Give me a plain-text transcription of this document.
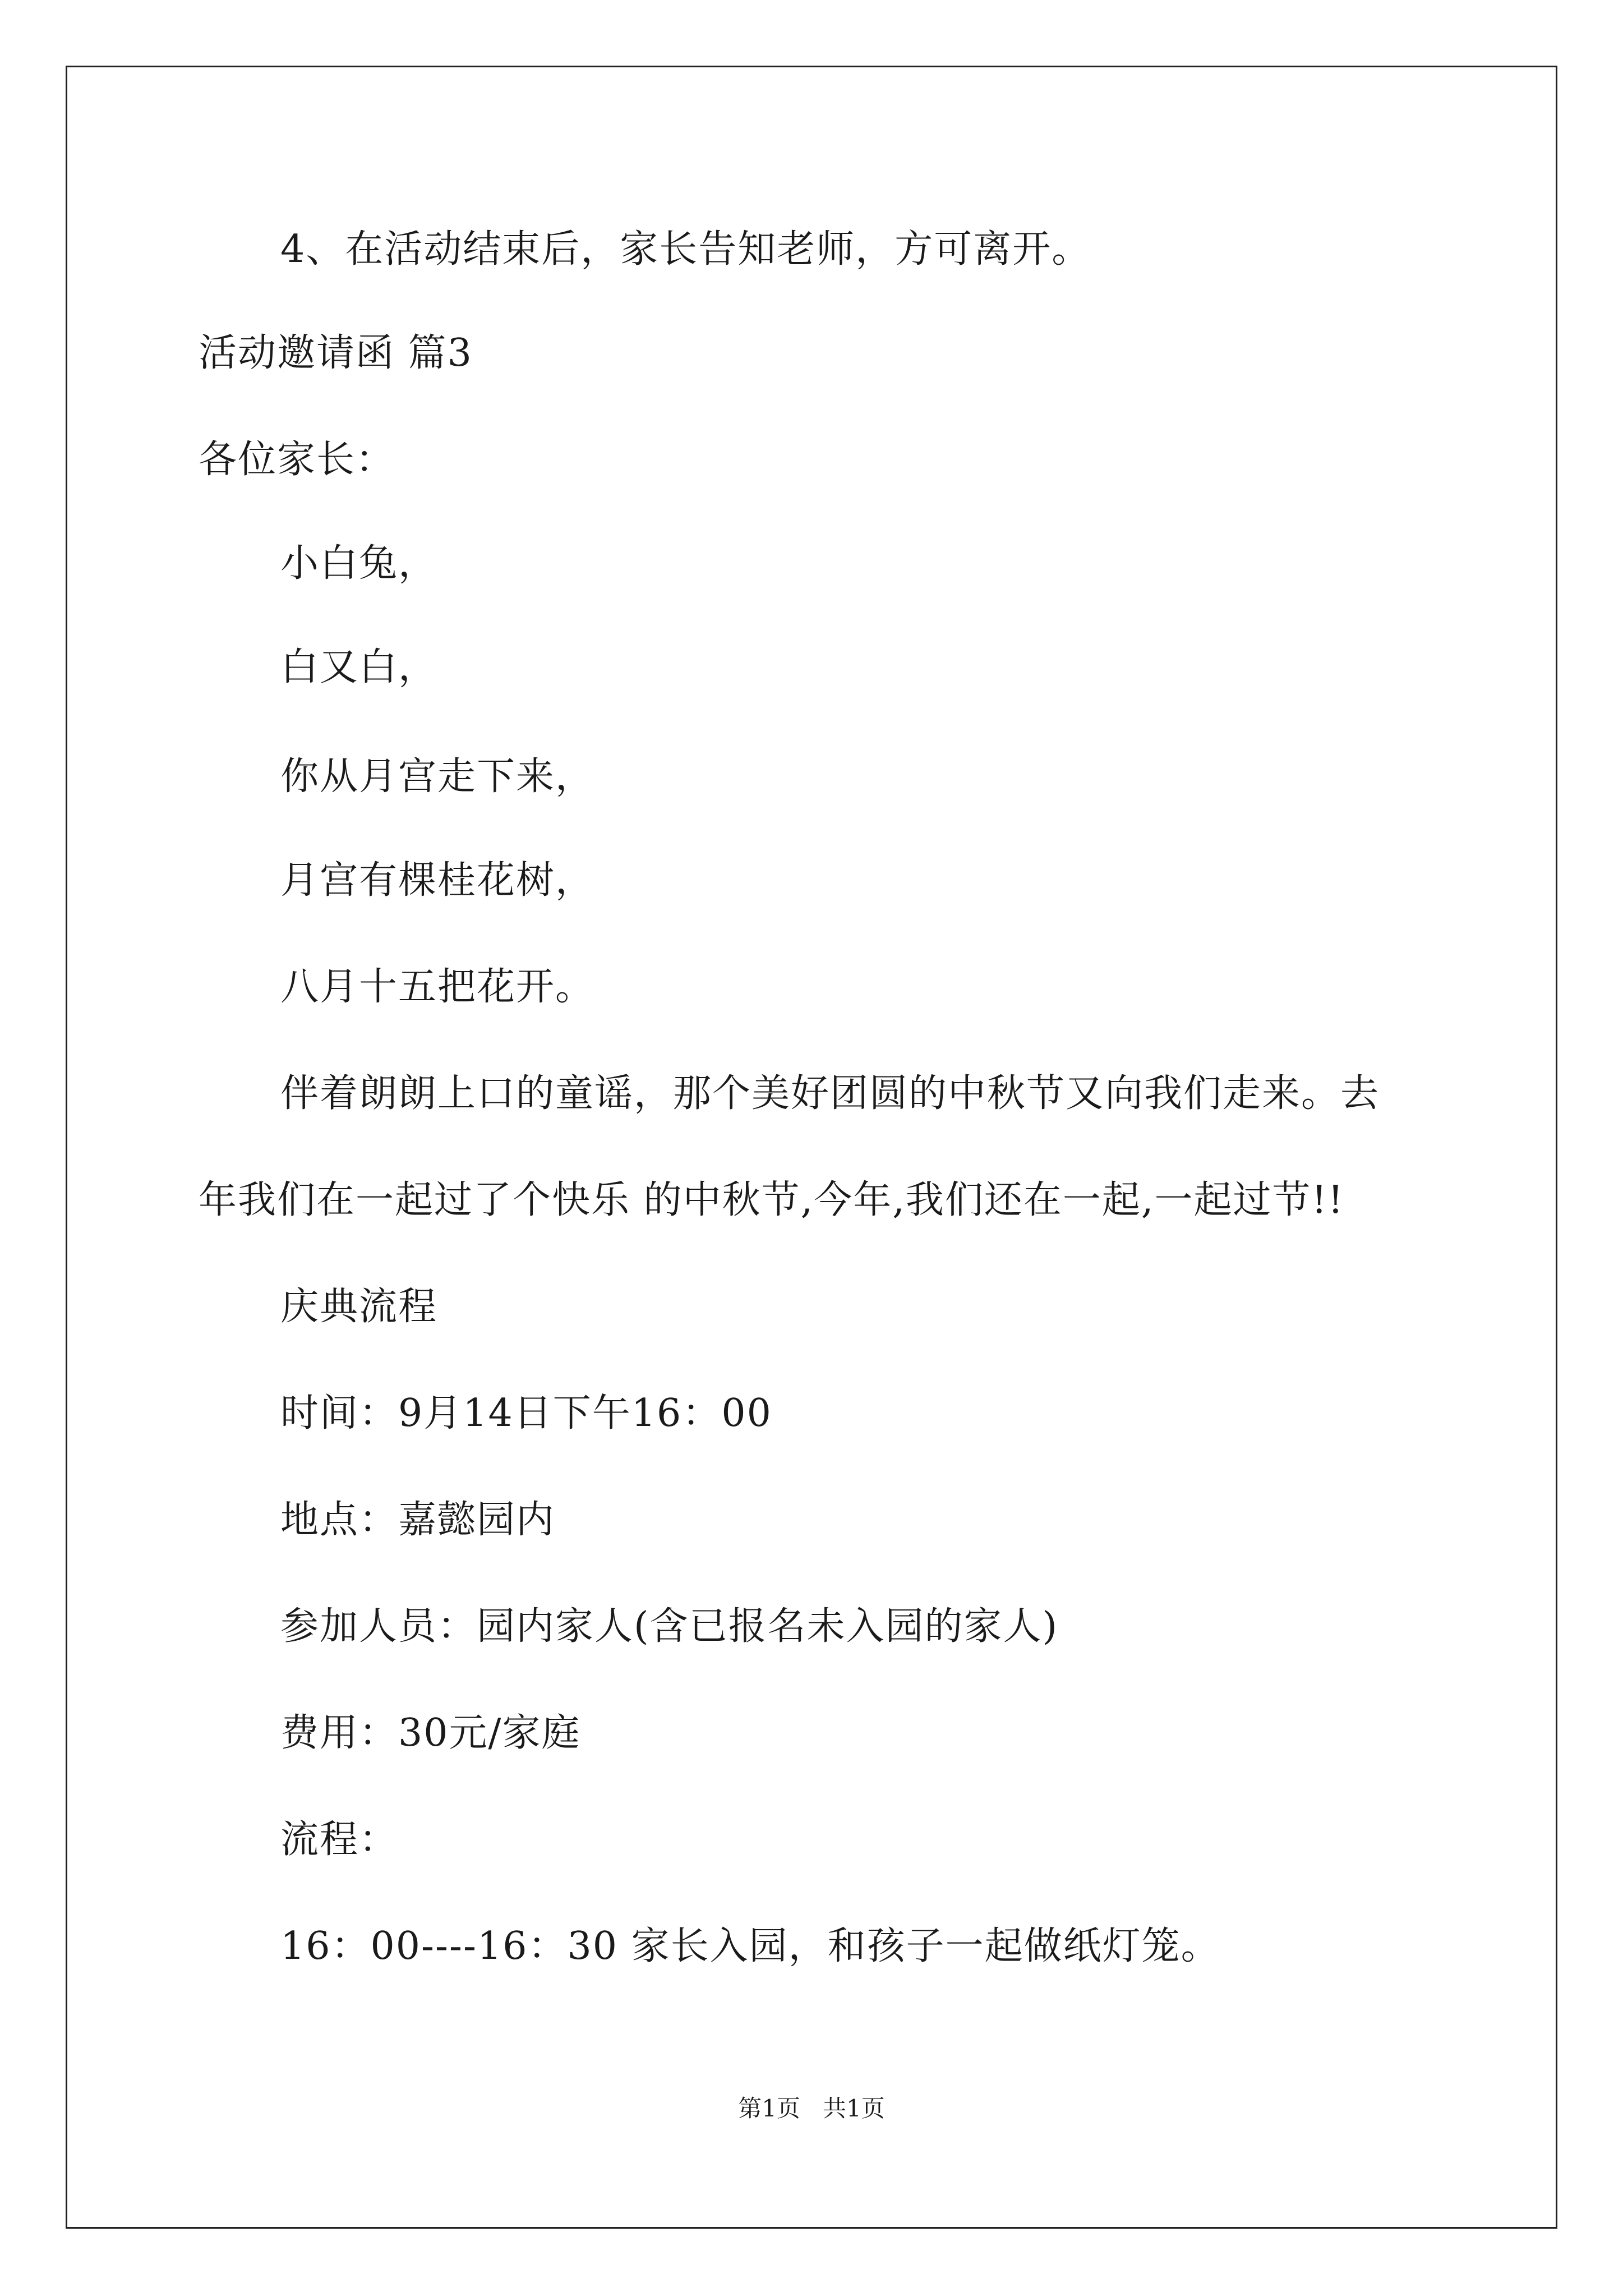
4、在活动结束后，家长告知老师，方可离开。
活动邀请函 篇3
各位家长：
小白兔，
白又白，
你从月宫走下来，
月宫有棵桂花树，
八月十五把花开。
伴着朗朗上口的童谣，那个美好团圆的中秋节又向我们走来。去
年我们在一起过了个快乐 的中秋节,今年,我们还在一起,一起过节!!
庆典流程
时间：9月14日下午16：00
地点：嘉懿园内
参加人员：园内家人(含已报名未入园的家人)
费用：30元/家庭
流程：
16：00----16：30 家长入园，和孩子一起做纸灯笼。
第1页   共1页
